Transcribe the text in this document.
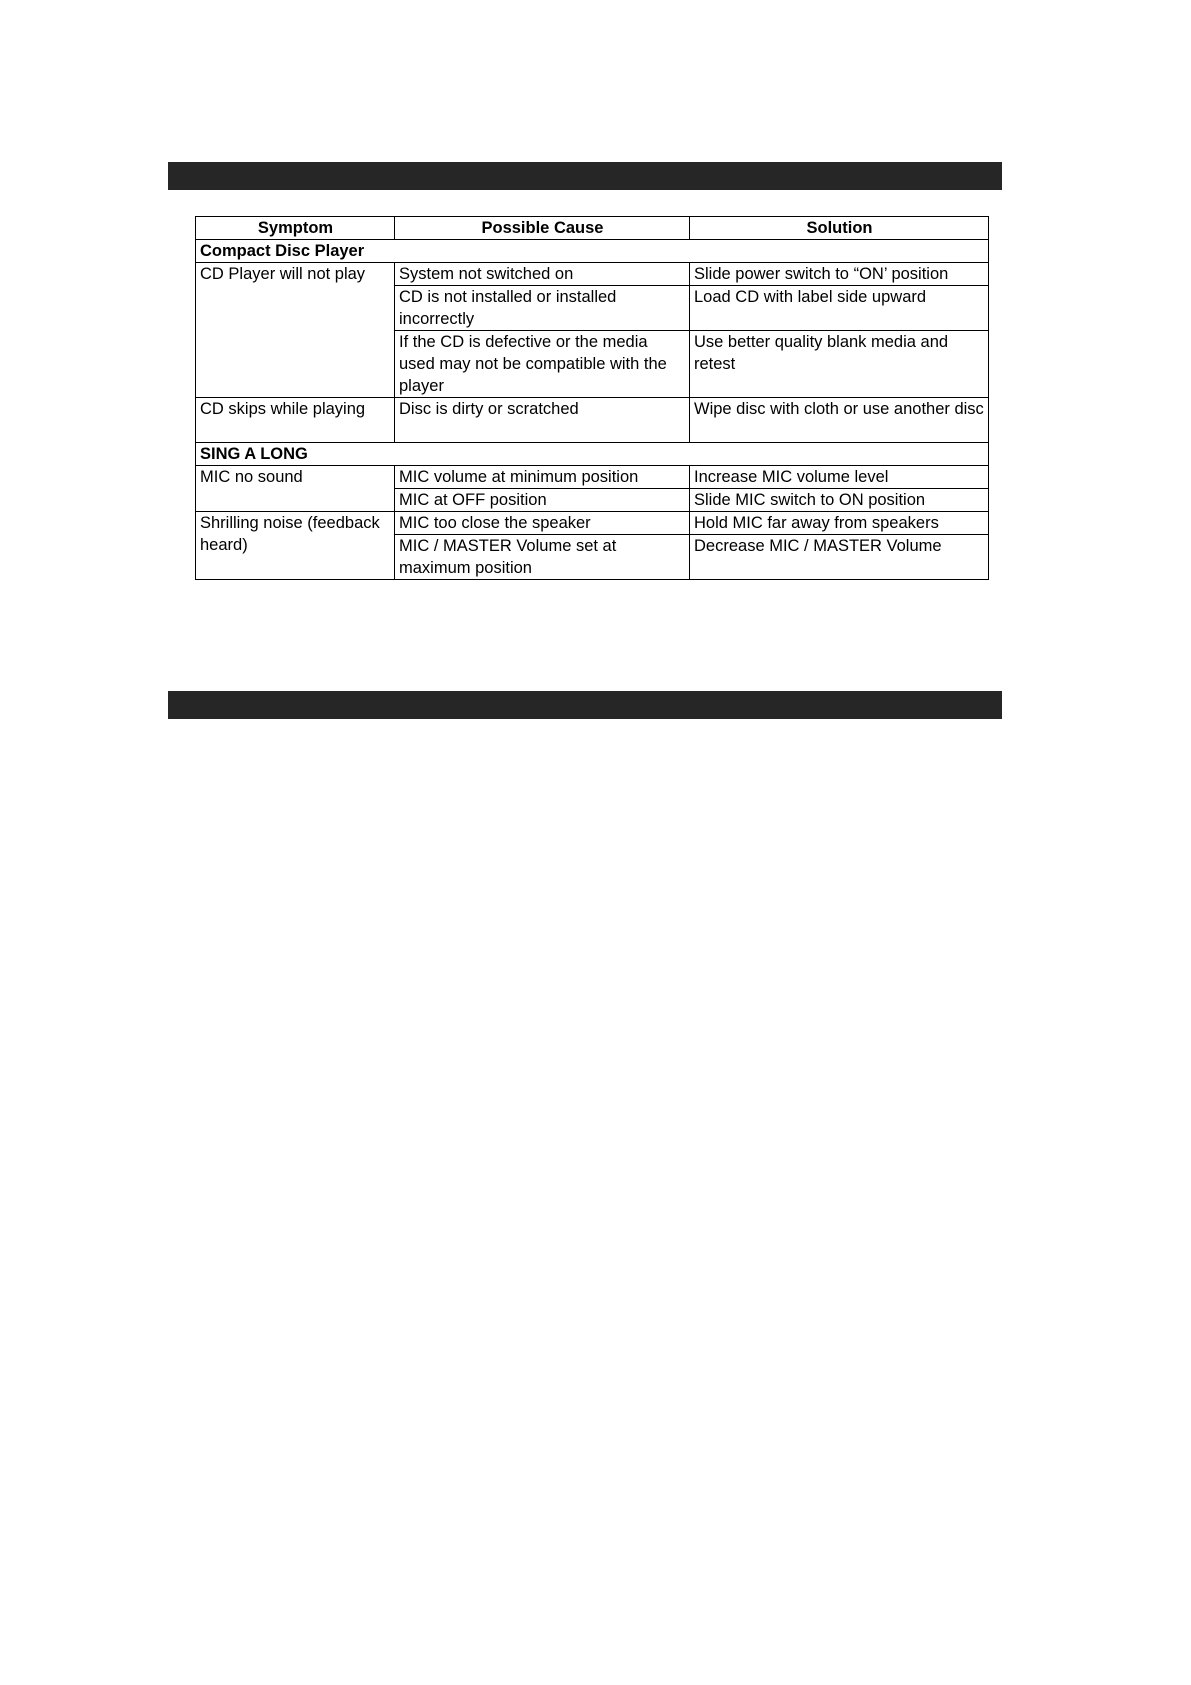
Symptom	Possible Cause	Solution
Compact Disc Player		
CD Player will not play	System not switched on	Slide power switch to “ON’ position
	CD is not installed or installed incorrectly	Load CD with label side upward
	If the CD is defective or the media used may not be compatible with the player	Use better quality blank media and retest
CD skips while playing	Disc is dirty or scratched	Wipe disc with cloth or use another disc
SING A LONG		
MIC no sound	MIC volume at minimum position	Increase MIC volume level
	MIC at OFF position	Slide MIC switch to ON position
Shrilling noise (feedback heard)	MIC too close the speaker	Hold MIC far away from speakers
	MIC / MASTER Volume set at maximum position	Decrease MIC / MASTER Volume
